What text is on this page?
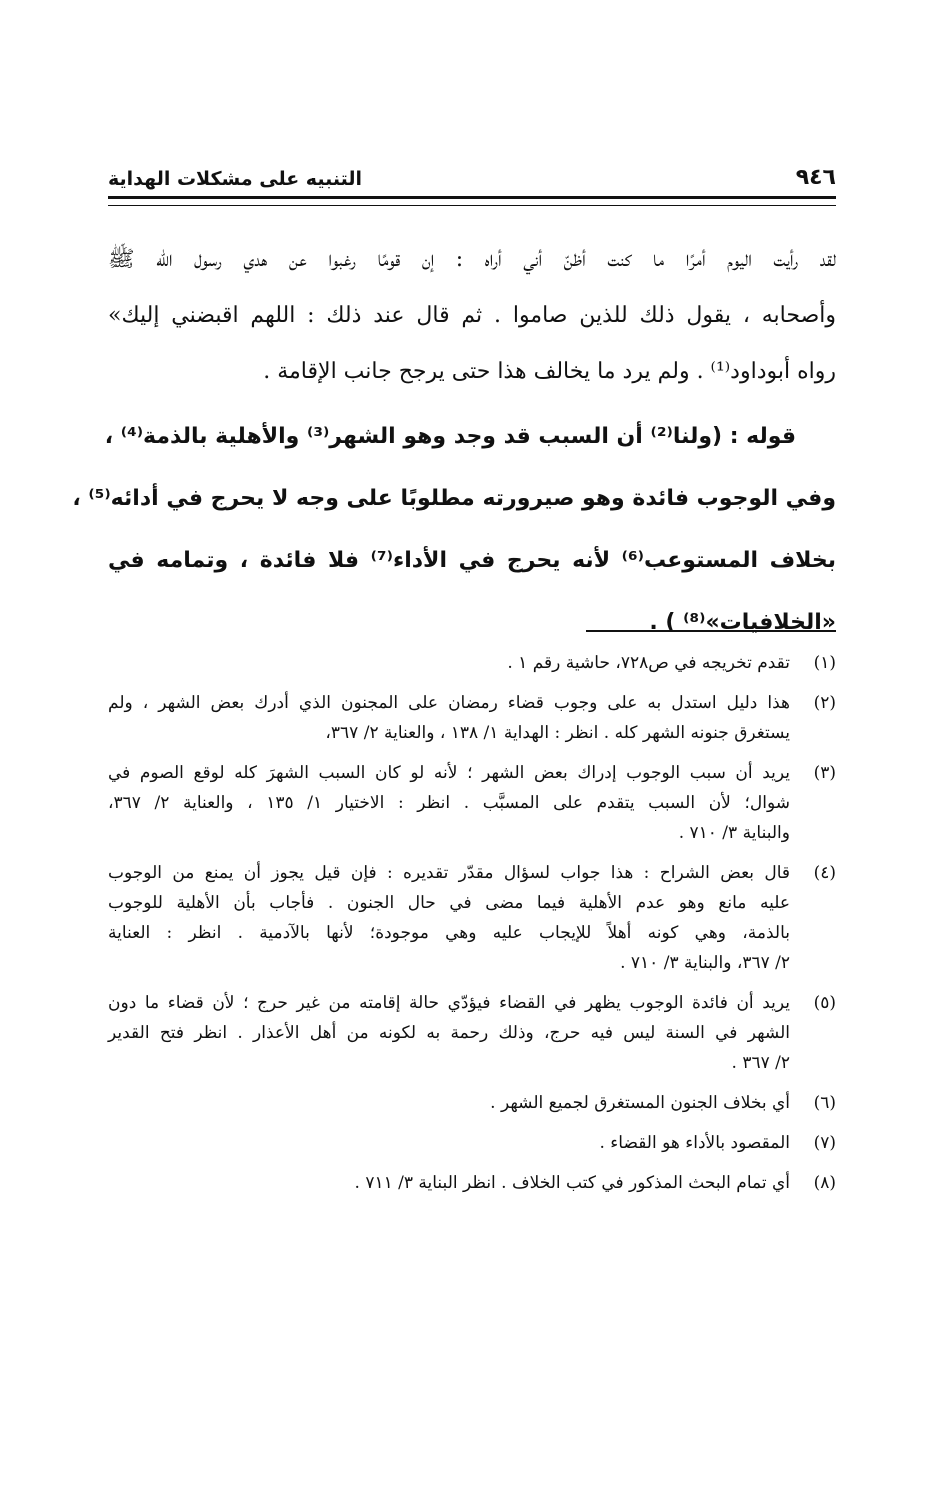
٩٤٦
التنبيه على مشكلات الهداية
لقد رأيت اليوم أمرًا ما كنت أظنّ أني أراه : إن قومًا رغبوا عن هدي رسول الله ﷺ
وأصحابه ، يقول ذلك للذين صاموا . ثم قال عند ذلك : اللهم اقبضني إليك»
رواه أبوداود⁽¹⁾ . ولم يرد ما يخالف هذا حتى يرجح جانب الإقامة .
قوله : (ولنا⁽²⁾ أن السبب قد وجد وهو الشهر⁽³⁾ والأهلية بالذمة⁽⁴⁾ ،
وفي الوجوب فائدة وهو صيرورته مطلوبًا على وجه لا يحرج في أدائه⁽⁵⁾ ،
بخلاف المستوعب⁽⁶⁾ لأنه يحرج في الأداء⁽⁷⁾ فلا فائدة ، وتمامه في
«الخلافيات»⁽⁸⁾ ) .
(١)
تقدم تخريجه في ص٧٢٨، حاشية رقم ١ .
(٢)
هذا دليل استدل به على وجوب قضاء رمضان على المجنون الذي أدرك بعض الشهر ، ولم
يستغرق جنونه الشهر كله . انظر : الهداية ١/ ١٣٨ ، والعناية ٢/ ٣٦٧،
(٣)
يريد أن سبب الوجوب إدراك بعض الشهر ؛ لأنه لو كان السبب الشهرَ كله لوقع الصوم في
شوال؛ لأن السبب يتقدم على المسبَّب . انظر : الاختيار ١/ ١٣٥ ، والعناية ٢/ ٣٦٧،
والبناية ٣/ ٧١٠ .
(٤)
قال بعض الشراح : هذا جواب لسؤال مقدّر تقديره : فإن قيل يجوز أن يمنع من الوجوب
عليه مانع وهو عدم الأهلية فيما مضى في حال الجنون . فأجاب بأن الأهلية للوجوب
بالذمة، وهي كونه أهلاً للإيجاب عليه وهي موجودة؛ لأنها بالآدمية . انظر : العناية
٢/ ٣٦٧، والبناية ٣/ ٧١٠ .
(٥)
يريد أن فائدة الوجوب يظهر في القضاء فيؤدّي حالة إقامته من غير حرج ؛ لأن قضاء ما دون
الشهر في السنة ليس فيه حرج، وذلك رحمة به لكونه من أهل الأعذار . انظر فتح القدير
٢/ ٣٦٧ .
(٦)
أي بخلاف الجنون المستغرق لجميع الشهر .
(٧)
المقصود بالأداء هو القضاء .
(٨)
أي تمام البحث المذكور في كتب الخلاف . انظر البناية ٣/ ٧١١ .
